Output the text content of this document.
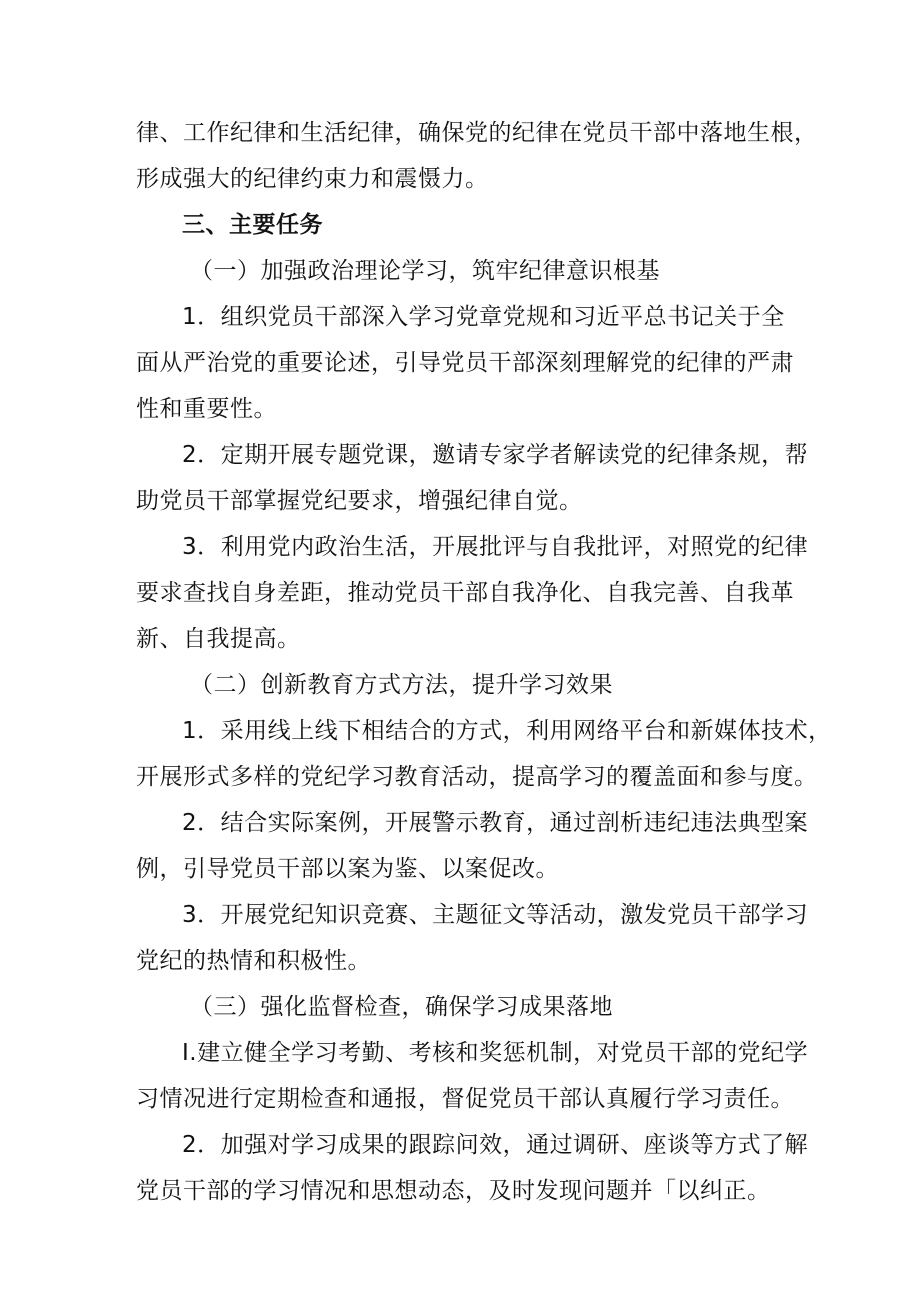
律、工作纪律和生活纪律，确保党的纪律在党员干部中落地生根，
形成强大的纪律约束力和震慑力。
三、主要任务
（一）加强政治理论学习，筑牢纪律意识根基
1．组织党员干部深入学习党章党规和习近平总书记关于全
面从严治党的重要论述，引导党员干部深刻理解党的纪律的严肃
性和重要性。
2．定期开展专题党课，邀请专家学者解读党的纪律条规，帮
助党员干部掌握党纪要求，增强纪律自觉。
3．利用党内政治生活，开展批评与自我批评，对照党的纪律
要求查找自身差距，推动党员干部自我净化、自我完善、自我革
新、自我提高。
（二）创新教育方式方法，提升学习效果
1．采用线上线下相结合的方式，利用网络平台和新媒体技术，
开展形式多样的党纪学习教育活动，提高学习的覆盖面和参与度。
2．结合实际案例，开展警示教育，通过剖析违纪违法典型案
例，引导党员干部以案为鉴、以案促改。
3．开展党纪知识竞赛、主题征文等活动，激发党员干部学习
党纪的热情和积极性。
（三）强化监督检查，确保学习成果落地
I.建立健全学习考勤、考核和奖惩机制，对党员干部的党纪学
习情况进行定期检查和通报，督促党员干部认真履行学习责任。
2．加强对学习成果的跟踪问效，通过调研、座谈等方式了解
党员干部的学习情况和思想动态，及时发现问题并「以纠正。
